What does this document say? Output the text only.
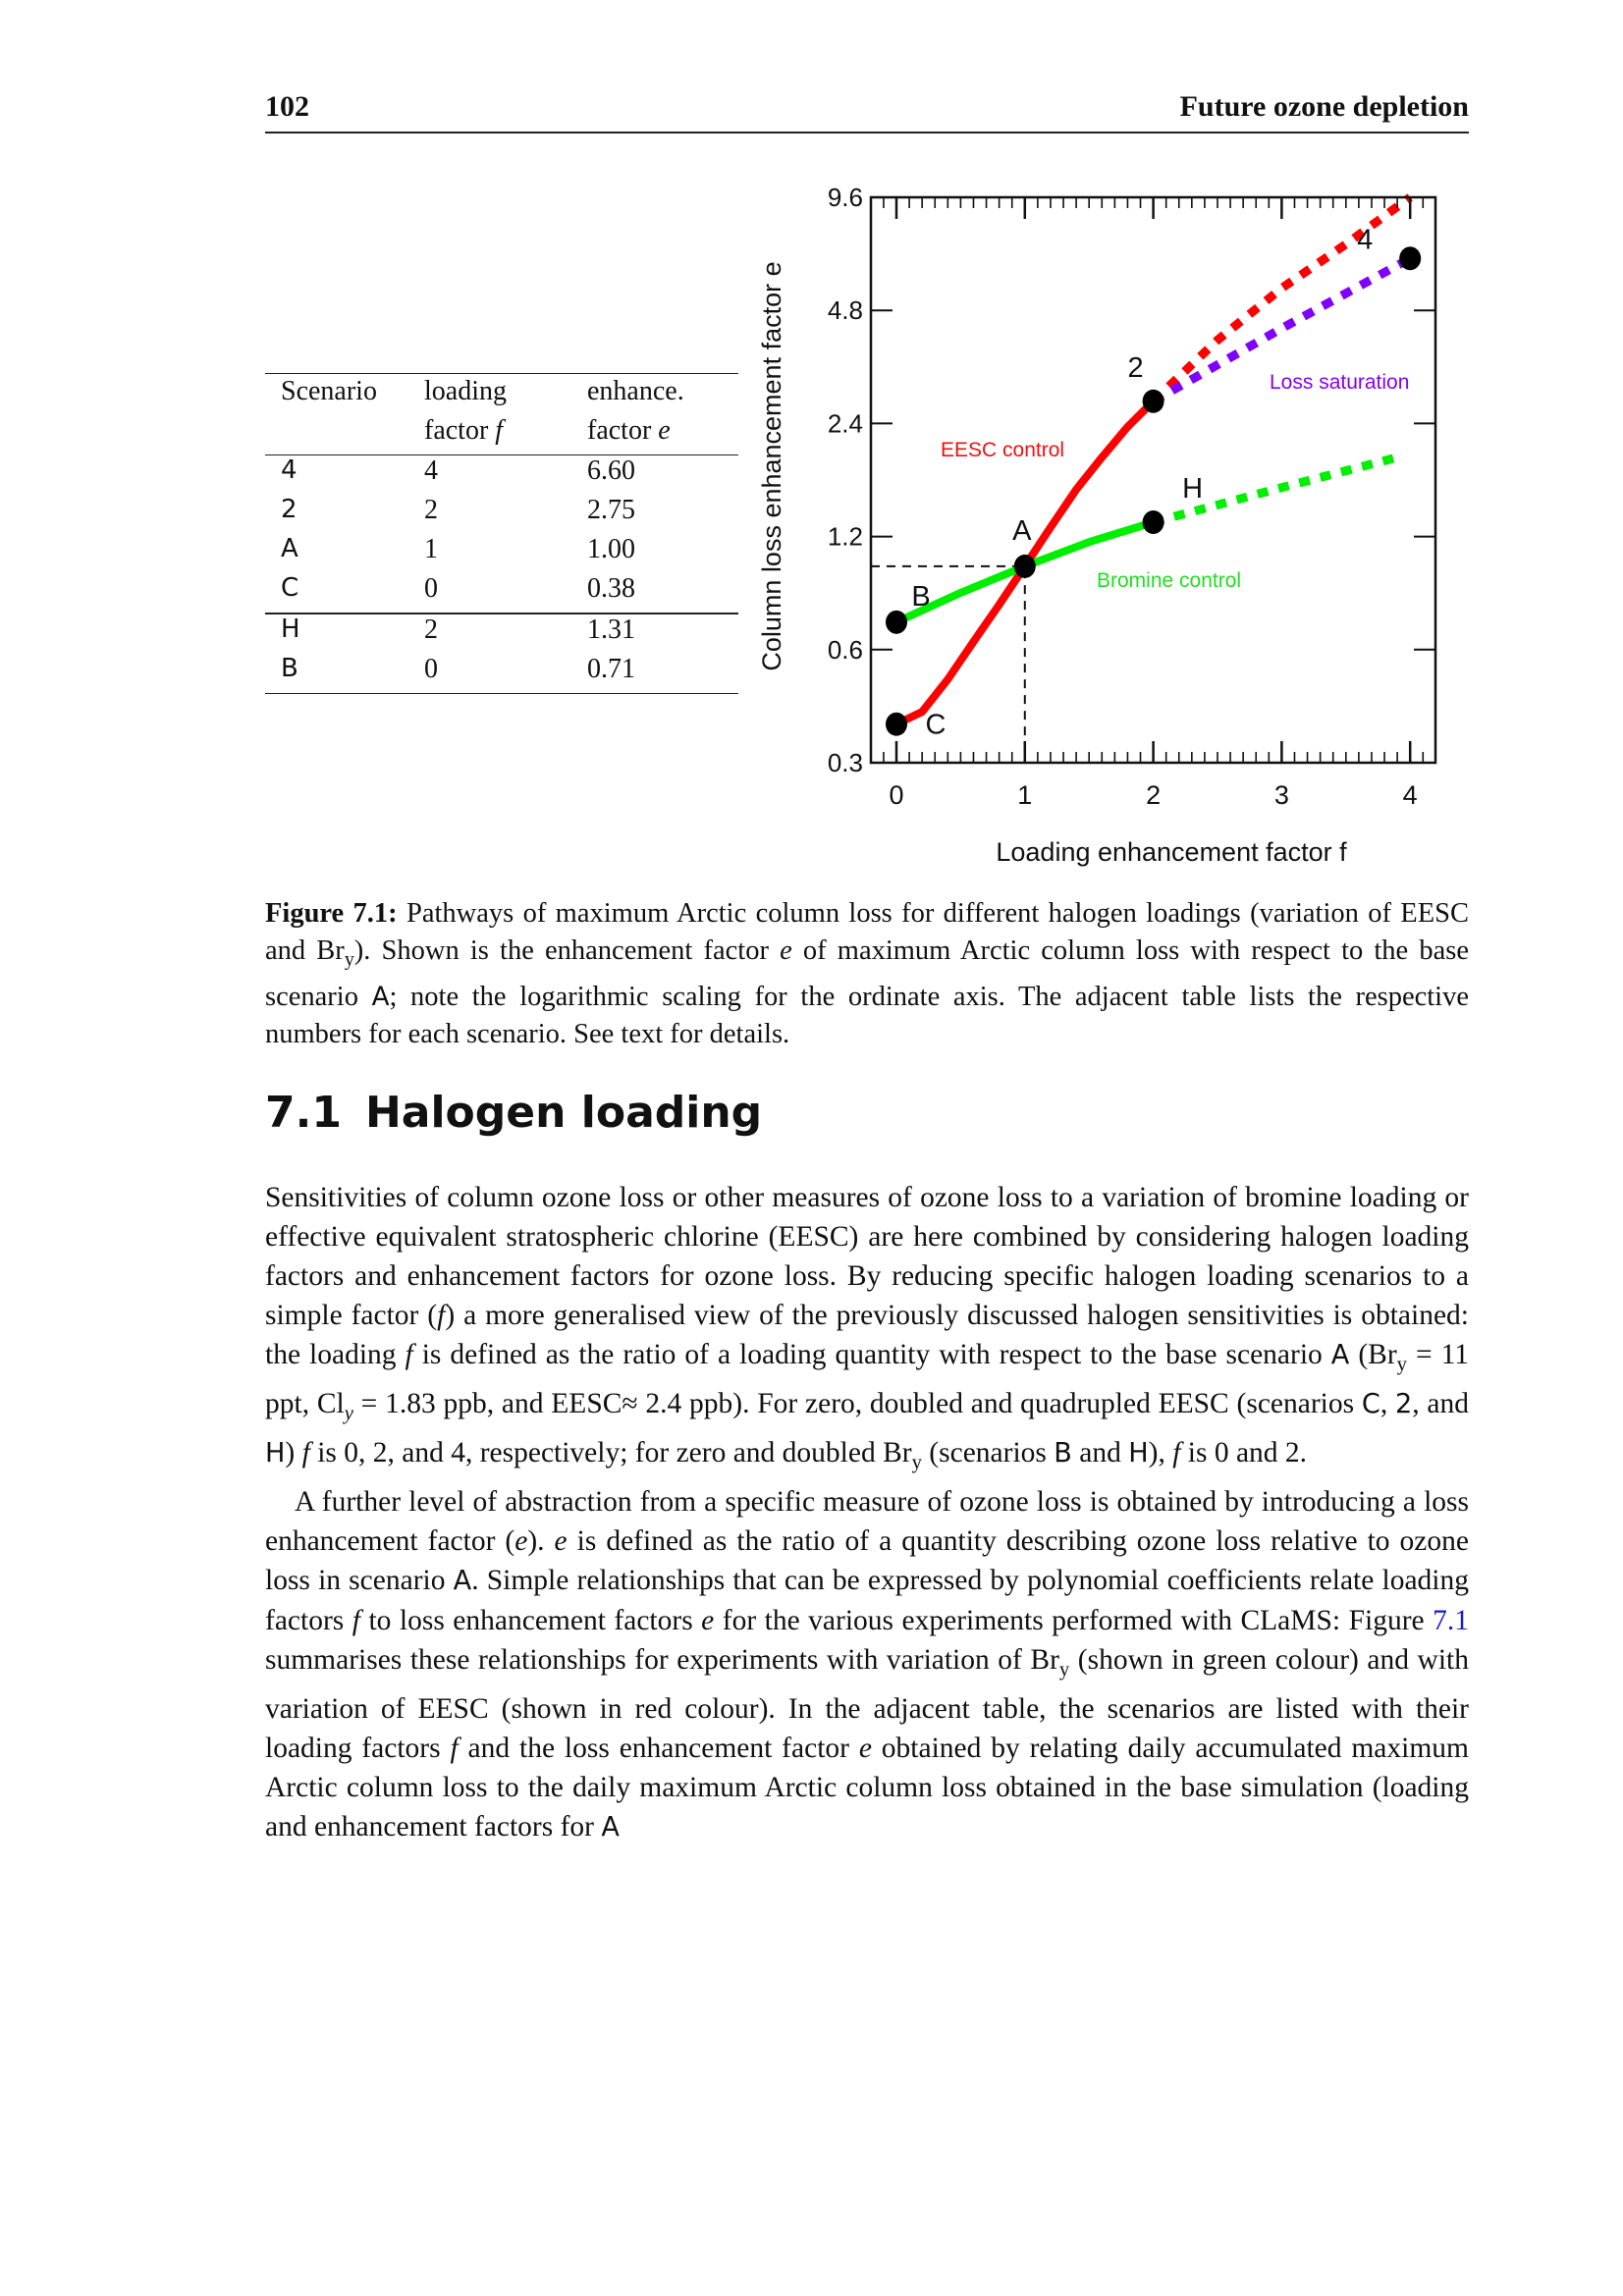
102	Future ozone depletion
Scenario	loading	enhance.
	factor f	factor e
4	4	6.60
2	2	2.75
A	1	1.00
C	0	0.38
H	2	1.31
B	0	0.71
0	1	2	3	4
0.3
0.6
1.2
2.4
4.8
9.6
C
B
A
H
2
4
Column loss enhancement factor e
Loading enhancement factor f
EESC control
Bromine control
Loss saturation
Figure 7.1: Pathways of maximum Arctic column loss for different halogen loadings (variation of EESC and $Br_y$). Shown is the enhancement factor e of maximum Arctic column loss with respect to the base scenario A; note the logarithmic scaling for the ordinate axis. The adjacent table lists the respective numbers for each scenario. See text for details.
7.1 Halogen loading

Sensitivities of column ozone loss or other measures of ozone loss to a variation of bromine loading or effective equivalent stratospheric chlorine (EESC) are here combined by considering halogen loading factors and enhancement factors for ozone loss. By reducing specific halogen loading scenarios to a simple factor (f) a more generalised view of the previously discussed halogen sensitivities is obtained: the loading f is defined as the ratio of a loading quantity with respect to the base scenario A ($Br_y = 11$ ppt, $Cl_y = 1.83$ ppb, and EESC≈ 2.4 ppb). For zero, doubled and quadrupled EESC (scenarios C, 2, and H) f is 0, 2, and 4, respectively; for zero and doubled $Br_y$ (scenarios B and H), f is 0 and 2.

A further level of abstraction from a specific measure of ozone loss is obtained by introducing a loss enhancement factor (e). e is defined as the ratio of a quantity describing ozone loss relative to ozone loss in scenario A. Simple relationships that can be expressed by polynomial coefficients relate loading factors f to loss enhancement factors e for the various experiments performed with CLaMS: Figure 7.1 summarises these relationships for experiments with variation of $Br_y$ (shown in green colour) and with variation of EESC (shown in red colour). In the adjacent table, the scenarios are listed with their loading factors f and the loss enhancement factor e obtained by relating daily accumulated maximum Arctic column loss to the daily maximum Arctic column loss obtained in the base simulation (loading and enhancement factors for A
